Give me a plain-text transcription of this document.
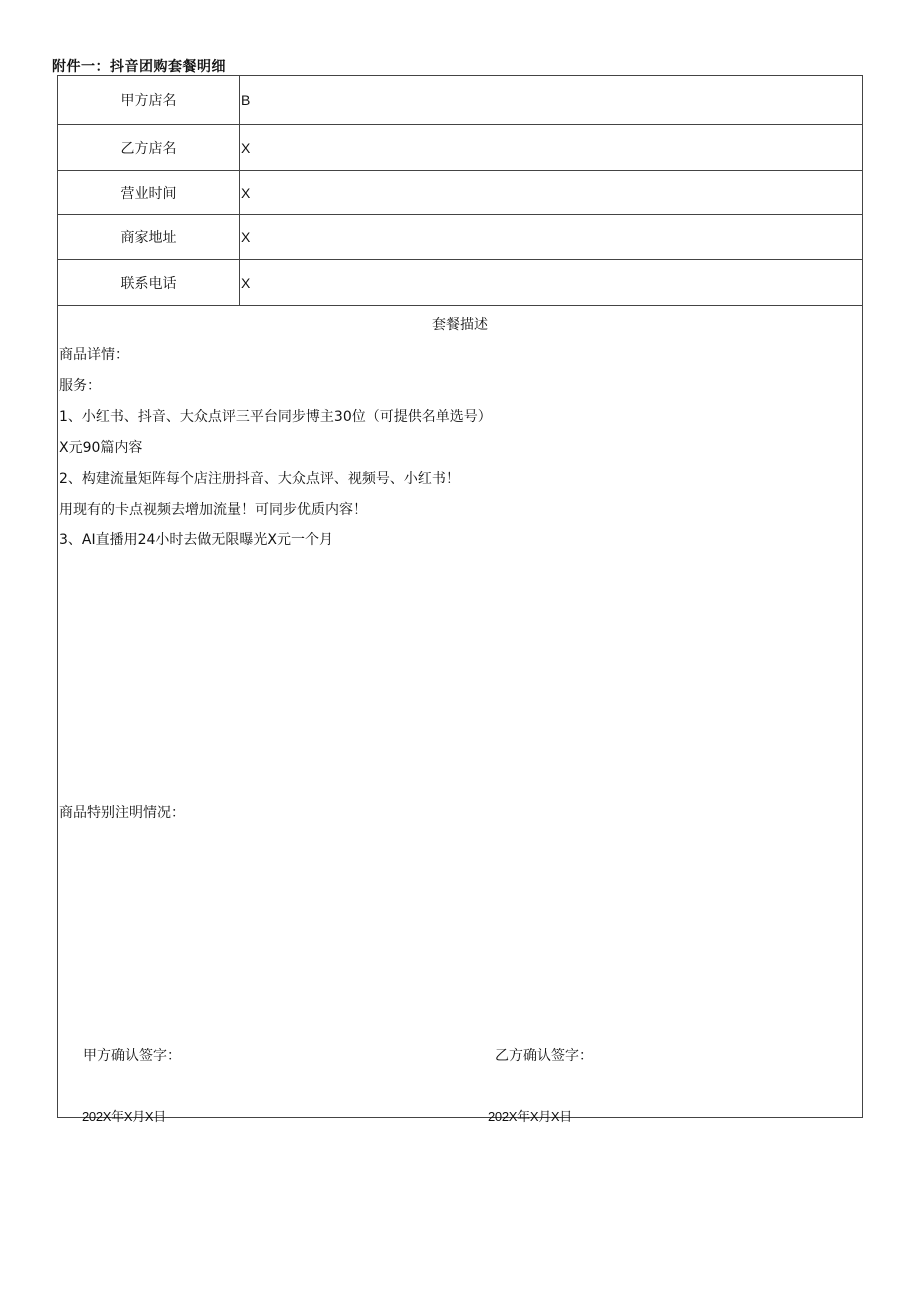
附件一：抖音团购套餐明细
甲方店名	B
乙方店名	X
营业时间	X
商家地址	X
联系电话	X
套餐描述
商品详情：
服务：
1、小红书、抖音、大众点评三平台同步博主30位（可提供名单选号）
X元90篇内容
2、构建流量矩阵每个店注册抖音、大众点评、视频号、小红书！
用现有的卡点视频去增加流量！可同步优质内容！
3、AI直播用24小时去做无限曝光X元一个月
商品特别注明情况：
甲方确认签字：	乙方确认签字：
202X年X月X日	202X年X月X日
